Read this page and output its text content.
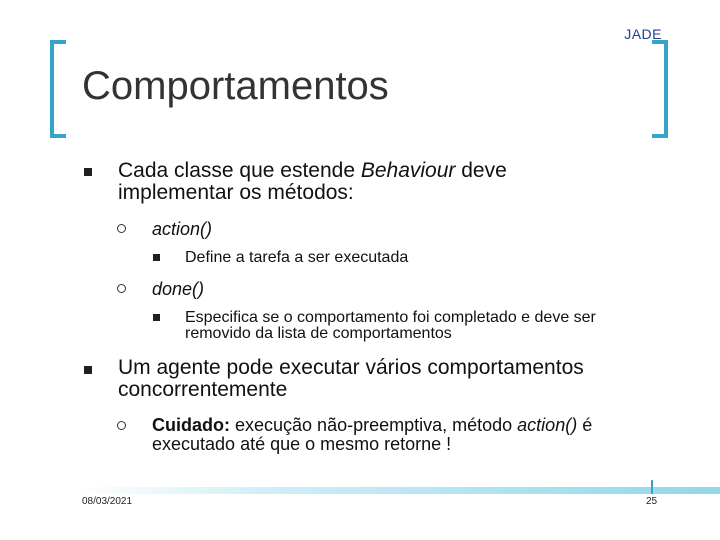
JADE
Comportamentos
Cada classe que estende Behaviour deve
implementar os métodos:
action()
Define a tarefa a ser executada
done()
Especifica se o comportamento foi completado e deve ser
removido da lista de comportamentos
Um agente pode executar vários comportamentos
concorrentemente
Cuidado: execução não-preemptiva, método action() é
executado até que o mesmo retorne !
08/03/2021	25
